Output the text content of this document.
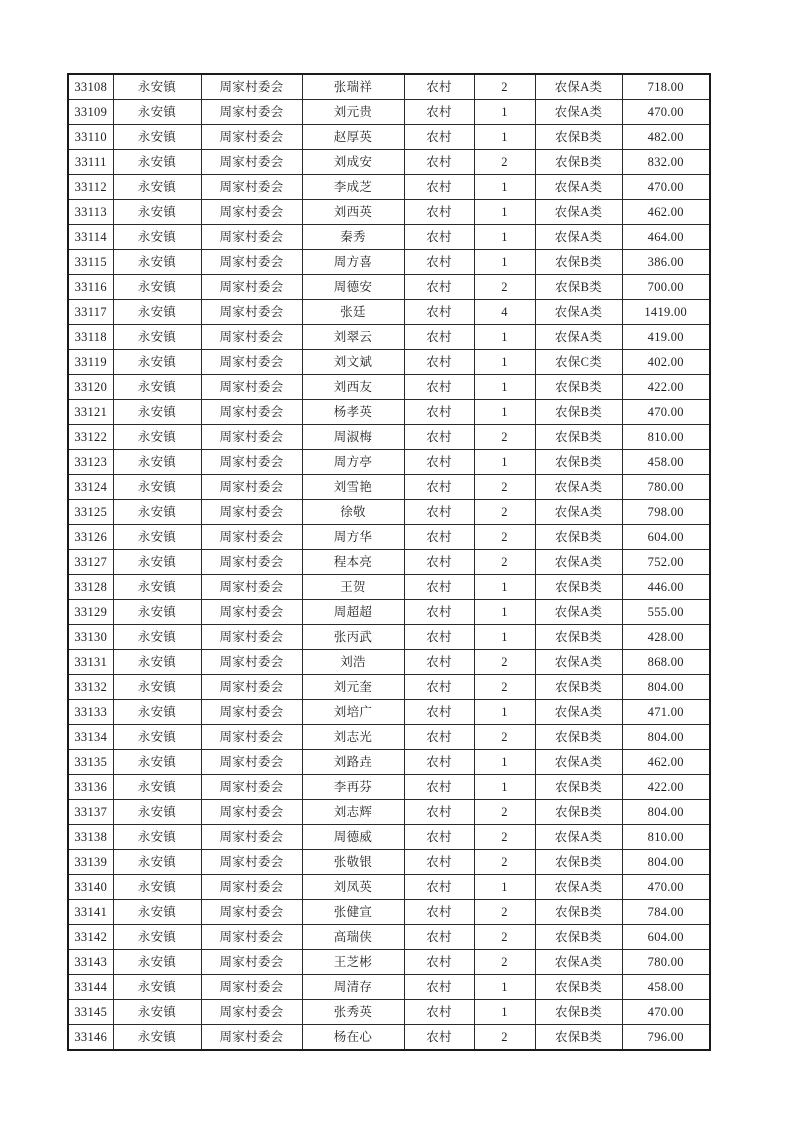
33108	永安镇	周家村委会	张瑞祥	农村	2	农保A类	718.00
33109	永安镇	周家村委会	刘元贵	农村	1	农保A类	470.00
33110	永安镇	周家村委会	赵厚英	农村	1	农保B类	482.00
33111	永安镇	周家村委会	刘成安	农村	2	农保B类	832.00
33112	永安镇	周家村委会	李成芝	农村	1	农保A类	470.00
33113	永安镇	周家村委会	刘西英	农村	1	农保A类	462.00
33114	永安镇	周家村委会	秦秀	农村	1	农保A类	464.00
33115	永安镇	周家村委会	周方喜	农村	1	农保B类	386.00
33116	永安镇	周家村委会	周德安	农村	2	农保B类	700.00
33117	永安镇	周家村委会	张廷	农村	4	农保A类	1419.00
33118	永安镇	周家村委会	刘翠云	农村	1	农保A类	419.00
33119	永安镇	周家村委会	刘文斌	农村	1	农保C类	402.00
33120	永安镇	周家村委会	刘西友	农村	1	农保B类	422.00
33121	永安镇	周家村委会	杨孝英	农村	1	农保B类	470.00
33122	永安镇	周家村委会	周淑梅	农村	2	农保B类	810.00
33123	永安镇	周家村委会	周方亭	农村	1	农保B类	458.00
33124	永安镇	周家村委会	刘雪艳	农村	2	农保A类	780.00
33125	永安镇	周家村委会	徐敬	农村	2	农保A类	798.00
33126	永安镇	周家村委会	周方华	农村	2	农保B类	604.00
33127	永安镇	周家村委会	程本亮	农村	2	农保A类	752.00
33128	永安镇	周家村委会	王贺	农村	1	农保B类	446.00
33129	永安镇	周家村委会	周超超	农村	1	农保A类	555.00
33130	永安镇	周家村委会	张丙武	农村	1	农保B类	428.00
33131	永安镇	周家村委会	刘浩	农村	2	农保A类	868.00
33132	永安镇	周家村委会	刘元奎	农村	2	农保B类	804.00
33133	永安镇	周家村委会	刘培广	农村	1	农保A类	471.00
33134	永安镇	周家村委会	刘志光	农村	2	农保B类	804.00
33135	永安镇	周家村委会	刘路垚	农村	1	农保A类	462.00
33136	永安镇	周家村委会	李再芬	农村	1	农保B类	422.00
33137	永安镇	周家村委会	刘志辉	农村	2	农保B类	804.00
33138	永安镇	周家村委会	周德威	农村	2	农保A类	810.00
33139	永安镇	周家村委会	张敬银	农村	2	农保B类	804.00
33140	永安镇	周家村委会	刘凤英	农村	1	农保A类	470.00
33141	永安镇	周家村委会	张健宣	农村	2	农保B类	784.00
33142	永安镇	周家村委会	高瑞侠	农村	2	农保B类	604.00
33143	永安镇	周家村委会	王芝彬	农村	2	农保A类	780.00
33144	永安镇	周家村委会	周清存	农村	1	农保B类	458.00
33145	永安镇	周家村委会	张秀英	农村	1	农保B类	470.00
33146	永安镇	周家村委会	杨在心	农村	2	农保B类	796.00
